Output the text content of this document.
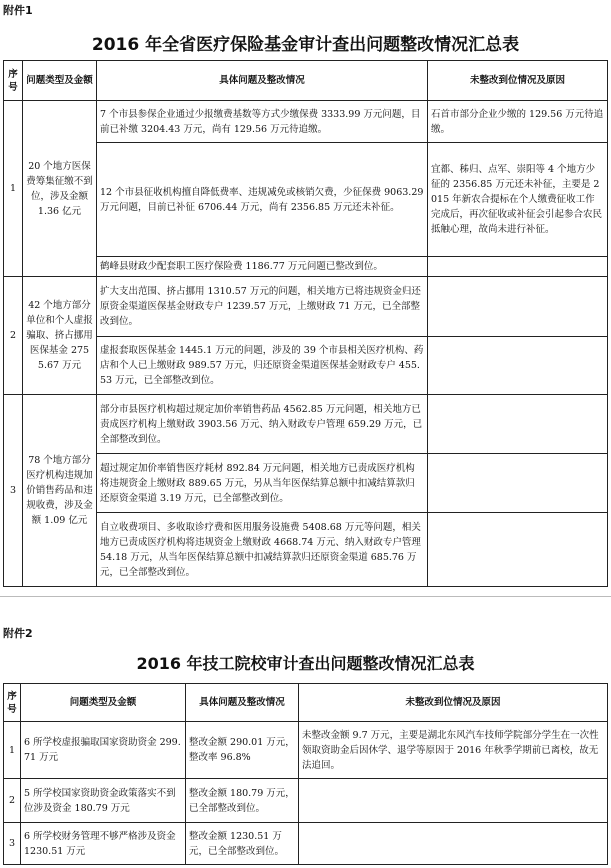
附件1
2016 年全省医疗保险基金审计查出问题整改情况汇总表
序号	问题类型及金额	具体问题及整改情况	未整改到位情况及原因
1	20 个地方医保费筹集征缴不到位，涉及金额 1.36 亿元	7 个市县参保企业通过少报缴费基数等方式少缴保费 3333.99 万元问题，目前已补缴 3204.43 万元，尚有 129.56 万元待追缴。	石首市部分企业少缴的 129.56 万元待追缴。
		12 个市县征收机构擅自降低费率、违规减免或核销欠费，少征保费 9063.29 万元问题，目前已补征 6706.44 万元，尚有 2356.85 万元还未补征。	宜都、秭归、点军、崇阳等 4 个地方少征的 2356.85 万元还未补征，主要是 2015 年新农合提标在个人缴费征收工作完成后，再次征收或补征会引起参合农民抵触心理，故尚未进行补征。
		鹤峰县财政少配套职工医疗保险费 1186.77 万元问题已整改到位。	
2	42 个地方部分单位和个人虚报骗取、挤占挪用医保基金 2755.67 万元	扩大支出范围、挤占挪用 1310.57 万元的问题，相关地方已将违规资金归还原资金渠道医保基金财政专户 1239.57 万元，上缴财政 71 万元，已全部整改到位。	
		虚报套取医保基金 1445.1 万元的问题，涉及的 39 个市县相关医疗机构、药店和个人已上缴财政 989.57 万元，归还原资金渠道医保基金财政专户 455.53 万元，已全部整改到位。	
3	78 个地方部分医疗机构违规加价销售药品和违规收费，涉及金额 1.09 亿元	部分市县医疗机构超过规定加价率销售药品 4562.85 万元问题，相关地方已责成医疗机构上缴财政 3903.56 万元、纳入财政专户管理 659.29 万元，已全部整改到位。	
		超过规定加价率销售医疗耗材 892.84 万元问题，相关地方已责成医疗机构将违规资金上缴财政 889.65 万元，另从当年医保结算总额中扣减结算款归还原资金渠道 3.19 万元，已全部整改到位。	
		自立收费项目、多收取诊疗费和医用服务设施费 5408.68 万元等问题，相关地方已责成医疗机构将违规资金上缴财政 4668.74 万元、纳入财政专户管理 54.18 万元，从当年医保结算总额中扣减结算款归还原资金渠道 685.76 万元，已全部整改到位。	
附件2
2016 年技工院校审计查出问题整改情况汇总表
序号	问题类型及金额	具体问题及整改情况	未整改到位情况及原因
1	6 所学校虚报骗取国家资助资金 299.71 万元	整改金额 290.01 万元，整改率 96.8%	未整改金额 9.7 万元，主要是湖北东风汽车技师学院部分学生在一次性领取资助金后因休学、退学等原因于 2016 年秋季学期前已离校，故无法追回。
2	5 所学校国家资助资金政策落实不到位涉及资金 180.79 万元	整改金额 180.79 万元，已全部整改到位。	
3	6 所学校财务管理不够严格涉及资金 1230.51 万元	整改金额 1230.51 万元，已全部整改到位。	
